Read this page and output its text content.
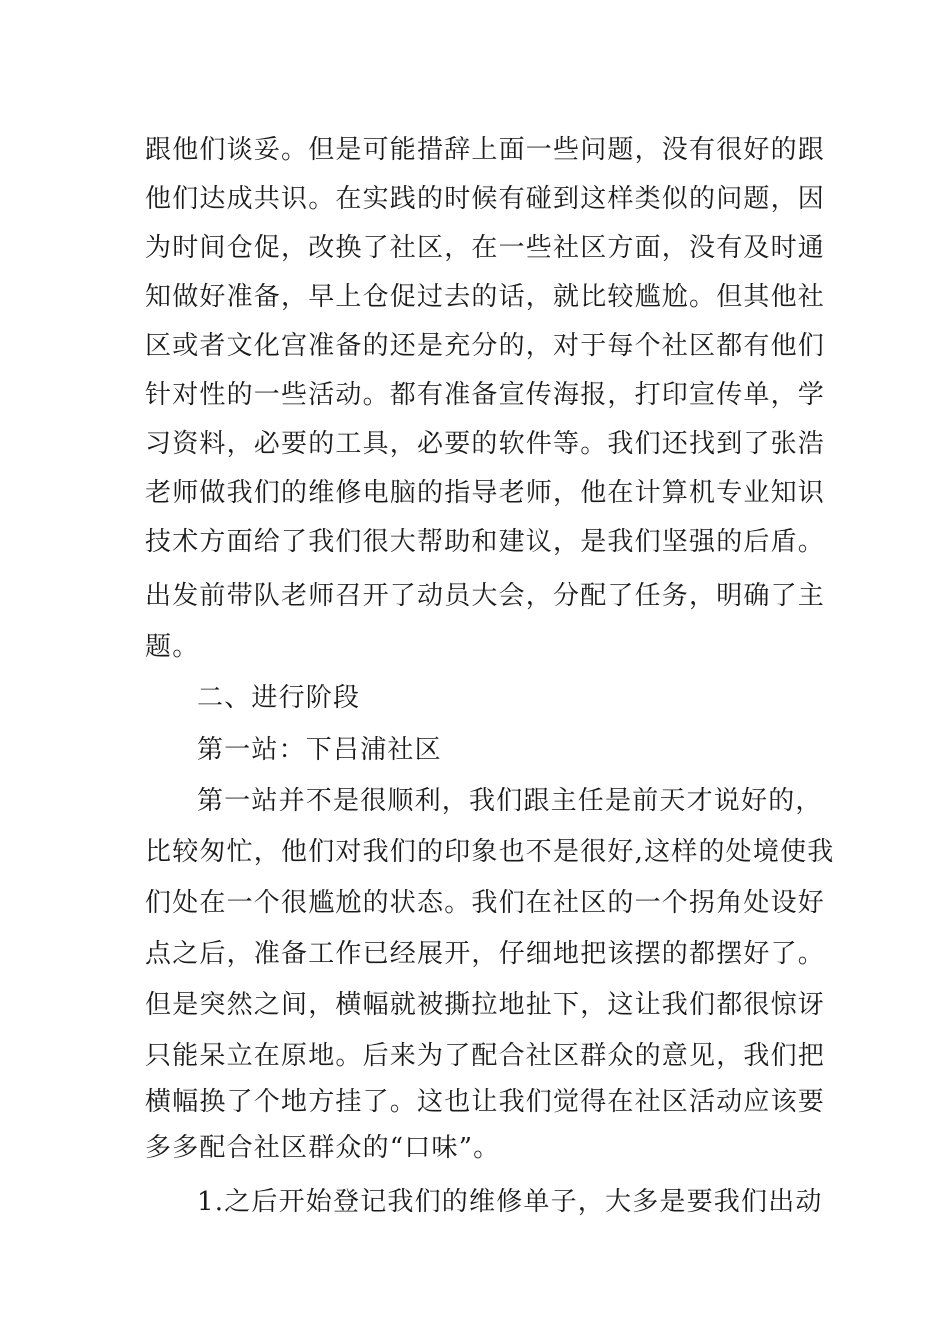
跟他们谈妥。但是可能措辞上面一些问题，没有很好的跟
他们达成共识。在实践的时候有碰到这样类似的问题，因
为时间仓促，改换了社区，在一些社区方面，没有及时通
知做好准备，早上仓促过去的话，就比较尴尬。但其他社
区或者文化宫准备的还是充分的，对于每个社区都有他们
针对性的一些活动。都有准备宣传海报，打印宣传单，学
习资料，必要的工具，必要的软件等。我们还找到了张浩
老师做我们的维修电脑的指导老师，他在计算机专业知识
技术方面给了我们很大帮助和建议，是我们坚强的后盾。
出发前带队老师召开了动员大会，分配了任务，明确了主
题。
二、进行阶段
第一站：下吕浦社区
第一站并不是很顺利，我们跟主任是前天才说好的，
比较匆忙，他们对我们的印象也不是很好,这样的处境使我
们处在一个很尴尬的状态。我们在社区的一个拐角处设好
点之后，准备工作已经展开，仔细地把该摆的都摆好了。
但是突然之间，横幅就被撕拉地扯下，这让我们都很惊讶
只能呆立在原地。后来为了配合社区群众的意见，我们把
横幅换了个地方挂了。这也让我们觉得在社区活动应该要
多多配合社区群众的“口味”。
1.之后开始登记我们的维修单子，大多是要我们出动
